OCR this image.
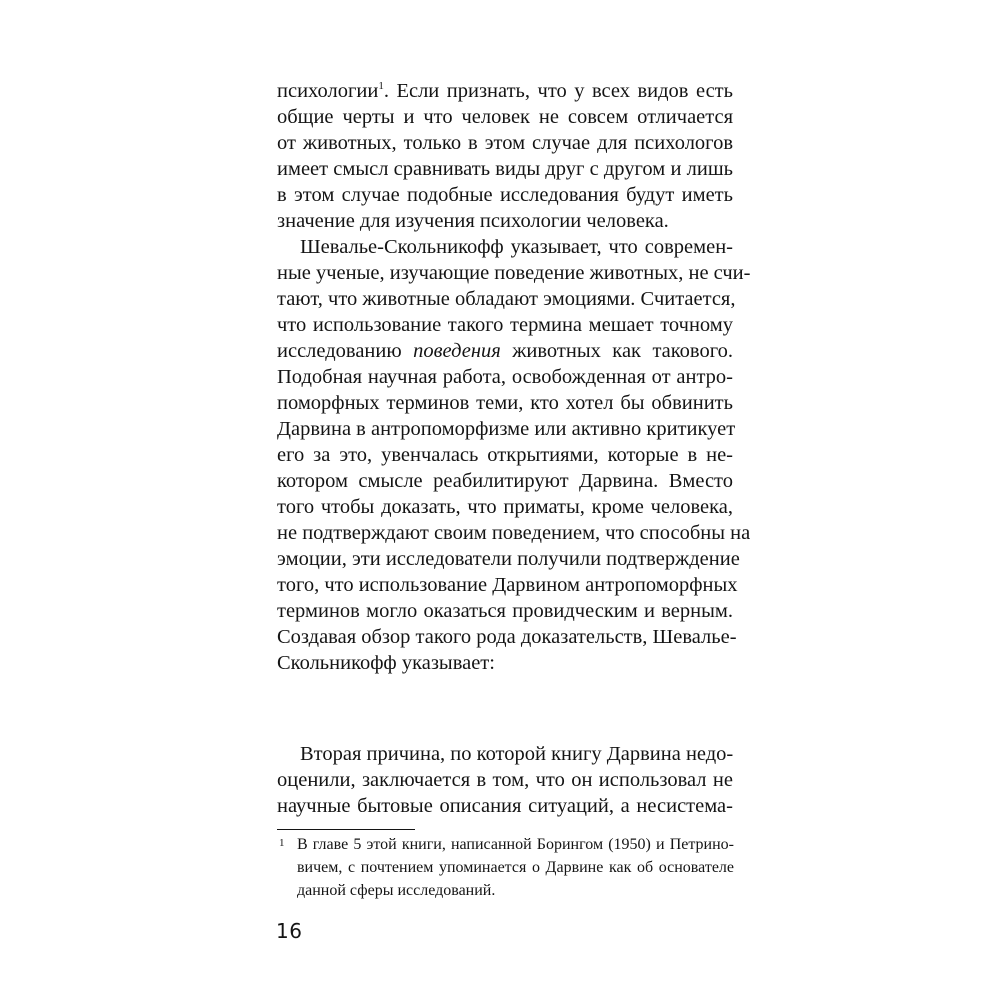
психологии$^1$. Если признать, что у всех видов есть

общие черты и что человек не совсем отличается

от животных, только в этом случае для психологов

имеет смысл сравнивать виды друг с другом и лишь

в этом случае подобные исследования будут иметь

значение для изучения психологии человека.

Шевалье-Скольникофф указывает, что современ-

ные ученые, изучающие поведение животных, не счи-

тают, что животные обладают эмоциями. Считается,

что использование такого термина мешает точному

исследованию поведения животных как такового.

Подобная научная работа, освобожденная от антро-

поморфных терминов теми, кто хотел бы обвинить

Дарвина в антропоморфизме или активно критикует

его за это, увенчалась открытиями, которые в не-

котором смысле реабилитируют Дарвина. Вместо

того чтобы доказать, что приматы, кроме человека,

не подтверждают своим поведением, что способны на

эмоции, эти исследователи получили подтверждение

того, что использование Дарвином антропоморфных

терминов могло оказаться провидческим и верным.

Создавая обзор такого рода доказательств, Шевалье-

Скольникофф указывает:

1 В главе 5 этой книги, написанной Борингом (1950) и Петрино-

вичем, с почтением упоминается о Дарвине как об основателе

данной сферы исследований.

16

Вторая причина, по которой книгу Дарвина недо-

оценили, заключается в том, что он использовал не

научные бытовые описания ситуаций, а несистема-
